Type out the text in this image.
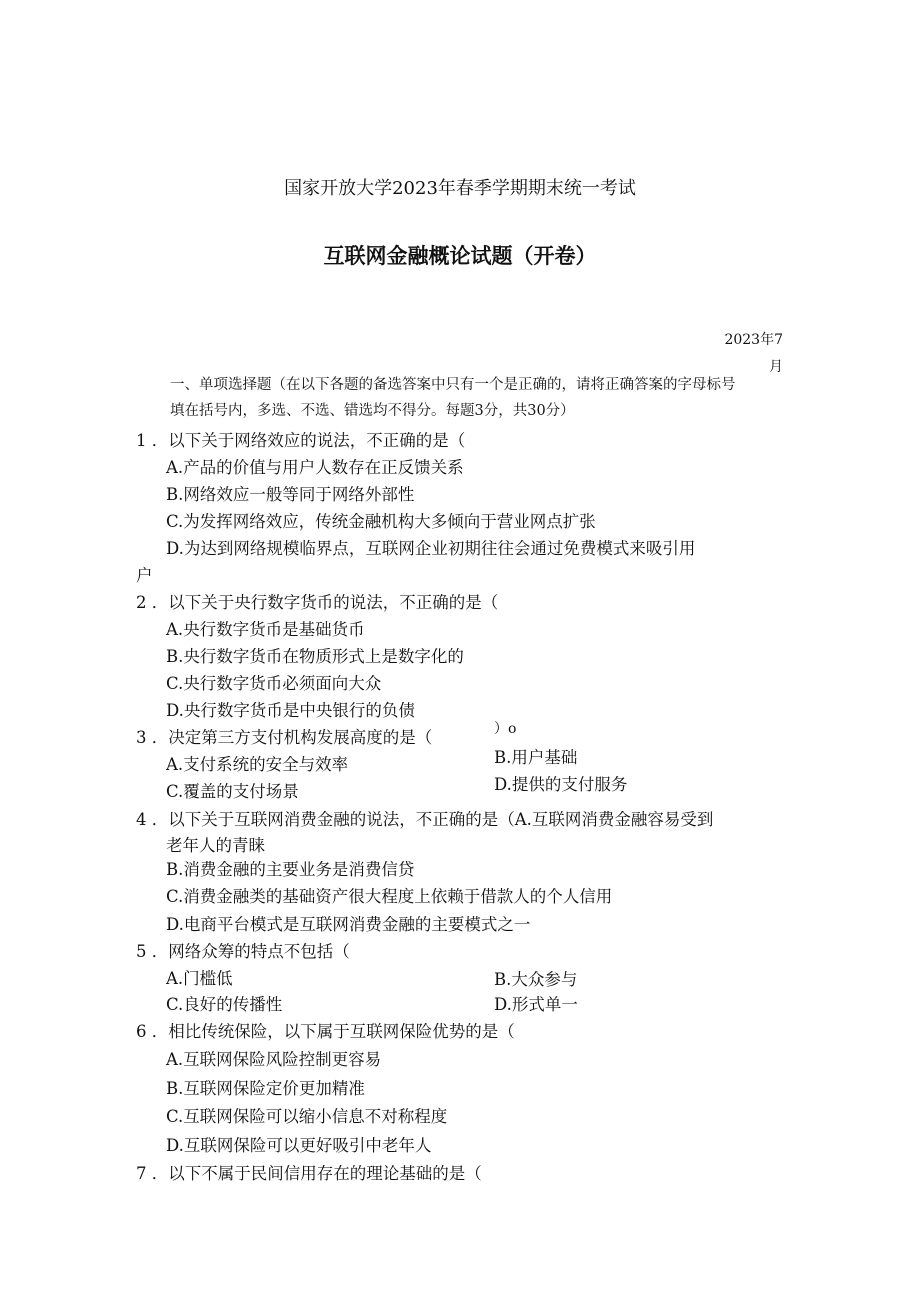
国家开放大学2023年春季学期期末统一考试
互联网金融概论试题（开卷）
2023年7
月
一、单项选择题（在以下各题的备选答案中只有一个是正确的，请将正确答案的字母标号
填在括号内，多选、不选、错选均不得分。每题3分，共30分）
1 ．以下关于网络效应的说法，不正确的是（
A.产品的价值与用户人数存在正反馈关系
B.网络效应一般等同于网络外部性
C.为发挥网络效应，传统金融机构大多倾向于营业网点扩张
D.为达到网络规模临界点，互联网企业初期往往会通过免费模式来吸引用
户
2 ．以下关于央行数字货币的说法，不正确的是（
A.央行数字货币是基础货币
B.央行数字货币在物质形式上是数字化的
C.央行数字货币必须面向大众
D.央行数字货币是中央银行的负债
3 ．决定第三方支付机构发展高度的是（	）o
A.支付系统的安全与效率	B.用户基础
C.覆盖的支付场景	D.提供的支付服务
4 ．以下关于互联网消费金融的说法，不正确的是（A.互联网消费金融容易受到
老年人的青睐
B.消费金融的主要业务是消费信贷
C.消费金融类的基础资产很大程度上依赖于借款人的个人信用
D.电商平台模式是互联网消费金融的主要模式之一
5 ．网络众筹的特点不包括（
A.门槛低	B.大众参与
C.良好的传播性	D.形式单一
6 ．相比传统保险，以下属于互联网保险优势的是（
A.互联网保险风险控制更容易
B.互联网保险定价更加精准
C.互联网保险可以缩小信息不对称程度
D.互联网保险可以更好吸引中老年人
7 ．以下不属于民间信用存在的理论基础的是（
